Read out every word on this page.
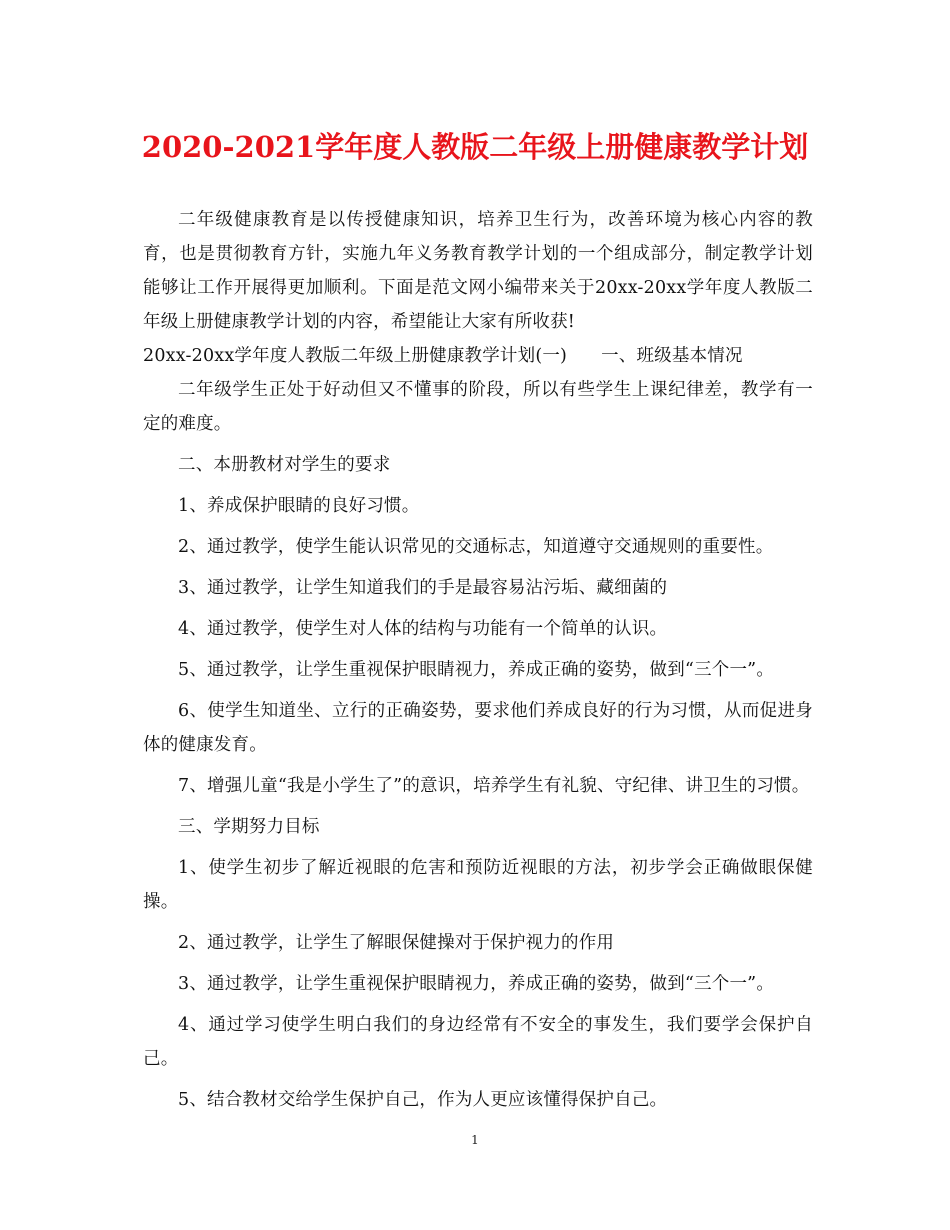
2020-2021学年度人教版二年级上册健康教学计划

二年级健康教育是以传授健康知识，培养卫生行为，改善环境为核心内容的教育，也是贯彻教育方针，实施九年义务教育教学计划的一个组成部分，制定教学计划能够让工作开展得更加顺利。下面是范文网小编带来关于20xx-20xx学年度人教版二年级上册健康教学计划的内容，希望能让大家有所收获!

20xx-20xx学年度人教版二年级上册健康教学计划(一) 一、班级基本情况

二年级学生正处于好动但又不懂事的阶段，所以有些学生上课纪律差，教学有一定的难度。

二、本册教材对学生的要求

1、养成保护眼睛的良好习惯。

2、通过教学，使学生能认识常见的交通标志，知道遵守交通规则的重要性。

3、通过教学，让学生知道我们的手是最容易沾污垢、藏细菌的

4、通过教学，使学生对人体的结构与功能有一个简单的认识。

5、通过教学，让学生重视保护眼睛视力，养成正确的姿势，做到“三个一”。

6、使学生知道坐、立行的正确姿势，要求他们养成良好的行为习惯，从而促进身体的健康发育。

7、增强儿童“我是小学生了”的意识，培养学生有礼貌、守纪律、讲卫生的习惯。

三、学期努力目标

1、使学生初步了解近视眼的危害和预防近视眼的方法，初步学会正确做眼保健操。

2、通过教学，让学生了解眼保健操对于保护视力的作用

3、通过教学，让学生重视保护眼睛视力，养成正确的姿势，做到“三个一”。

4、通过学习使学生明白我们的身边经常有不安全的事发生，我们要学会保护自己。

5、结合教材交给学生保护自己，作为人更应该懂得保护自己。

1
